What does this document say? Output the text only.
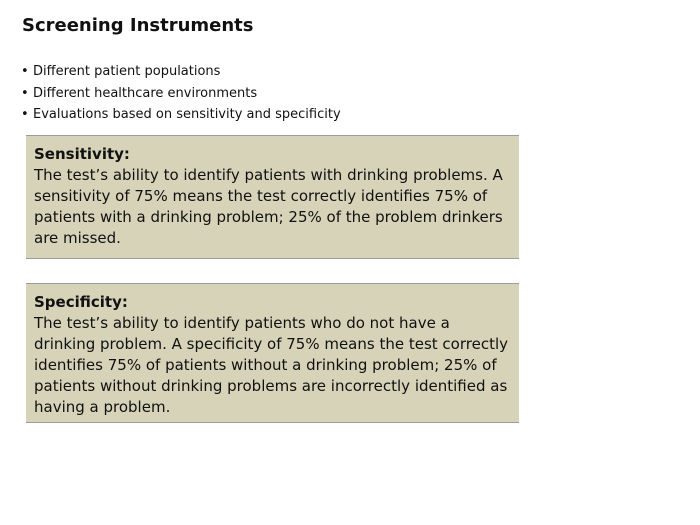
Screening Instruments
• Different patient populations
• Different healthcare environments
• Evaluations based on sensitivity and specificity
Sensitivity:
The test’s ability to identify patients with drinking problems. A sensitivity of 75% means the test correctly identifies 75% of patients with a drinking problem; 25% of the problem drinkers are missed.
Specificity:
The test’s ability to identify patients who do not have a drinking problem. A specificity of 75% means the test correctly identifies 75% of patients without a drinking problem; 25% of patients without drinking problems are incorrectly identified as having a problem.
